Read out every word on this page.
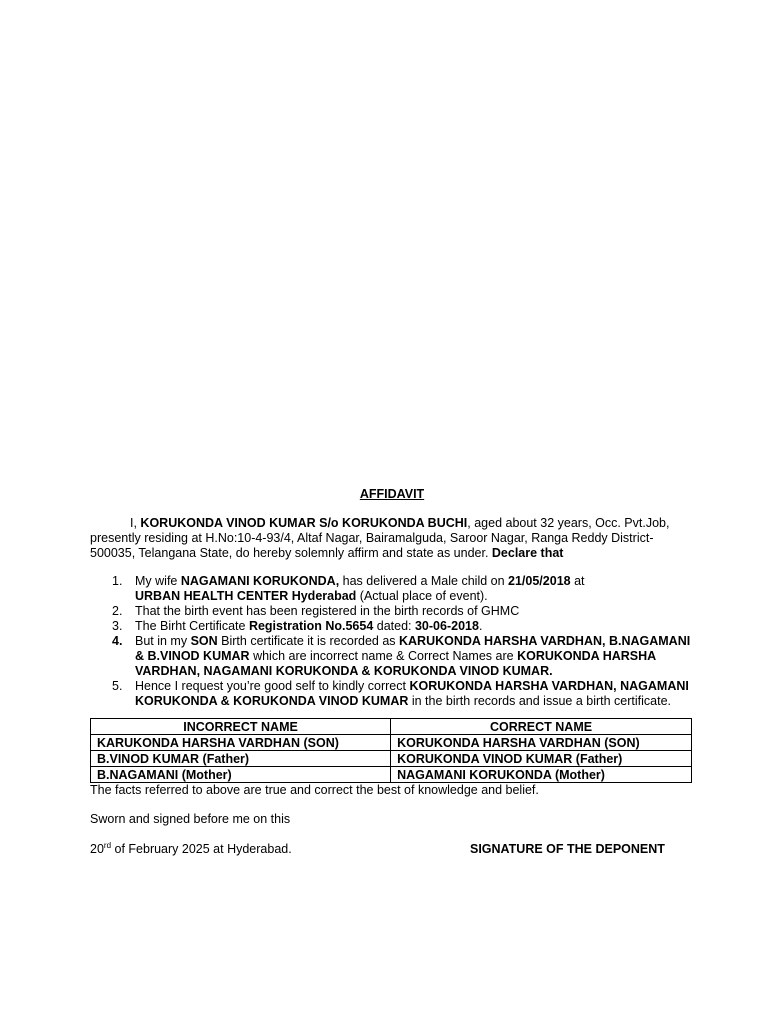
AFFIDAVIT

I, KORUKONDA VINOD KUMAR S/o KORUKONDA BUCHI, aged about 32 years, Occ. Pvt.Job, presently residing at H.No:10-4-93/4, Altaf Nagar, Bairamalguda, Saroor Nagar, Ranga Reddy District-500035, Telangana State, do hereby solemnly affirm and state as under. Declare that

1. My wife NAGAMANI KORUKONDA, has delivered a Male child on 21/05/2018 at
URBAN HEALTH CENTER Hyderabad (Actual place of event).
2. That the birth event has been registered in the birth records of GHMC
3. The Birht Certificate Registration No.5654 dated: 30-06-2018.
4. But in my SON Birth certificate it is recorded as KARUKONDA HARSHA VARDHAN, B.NAGAMANI & B.VINOD KUMAR which are incorrect name & Correct Names are KORUKONDA HARSHA VARDHAN, NAGAMANI KORUKONDA & KORUKONDA VINOD KUMAR.
5. Hence I request you’re good self to kindly correct KORUKONDA HARSHA VARDHAN, NAGAMANI KORUKONDA & KORUKONDA VINOD KUMAR in the birth records and issue a birth certificate.
INCORRECT NAME	CORRECT NAME
KARUKONDA HARSHA VARDHAN (SON)	KORUKONDA HARSHA VARDHAN (SON)
B.VINOD KUMAR (Father)	KORUKONDA VINOD KUMAR (Father)
B.NAGAMANI (Mother)	NAGAMANI KORUKONDA (Mother)

The facts referred to above are true and correct the best of knowledge and belief.

Sworn and signed before me on this

20rd of February 2025 at Hyderabad.	SIGNATURE OF THE DEPONENT
